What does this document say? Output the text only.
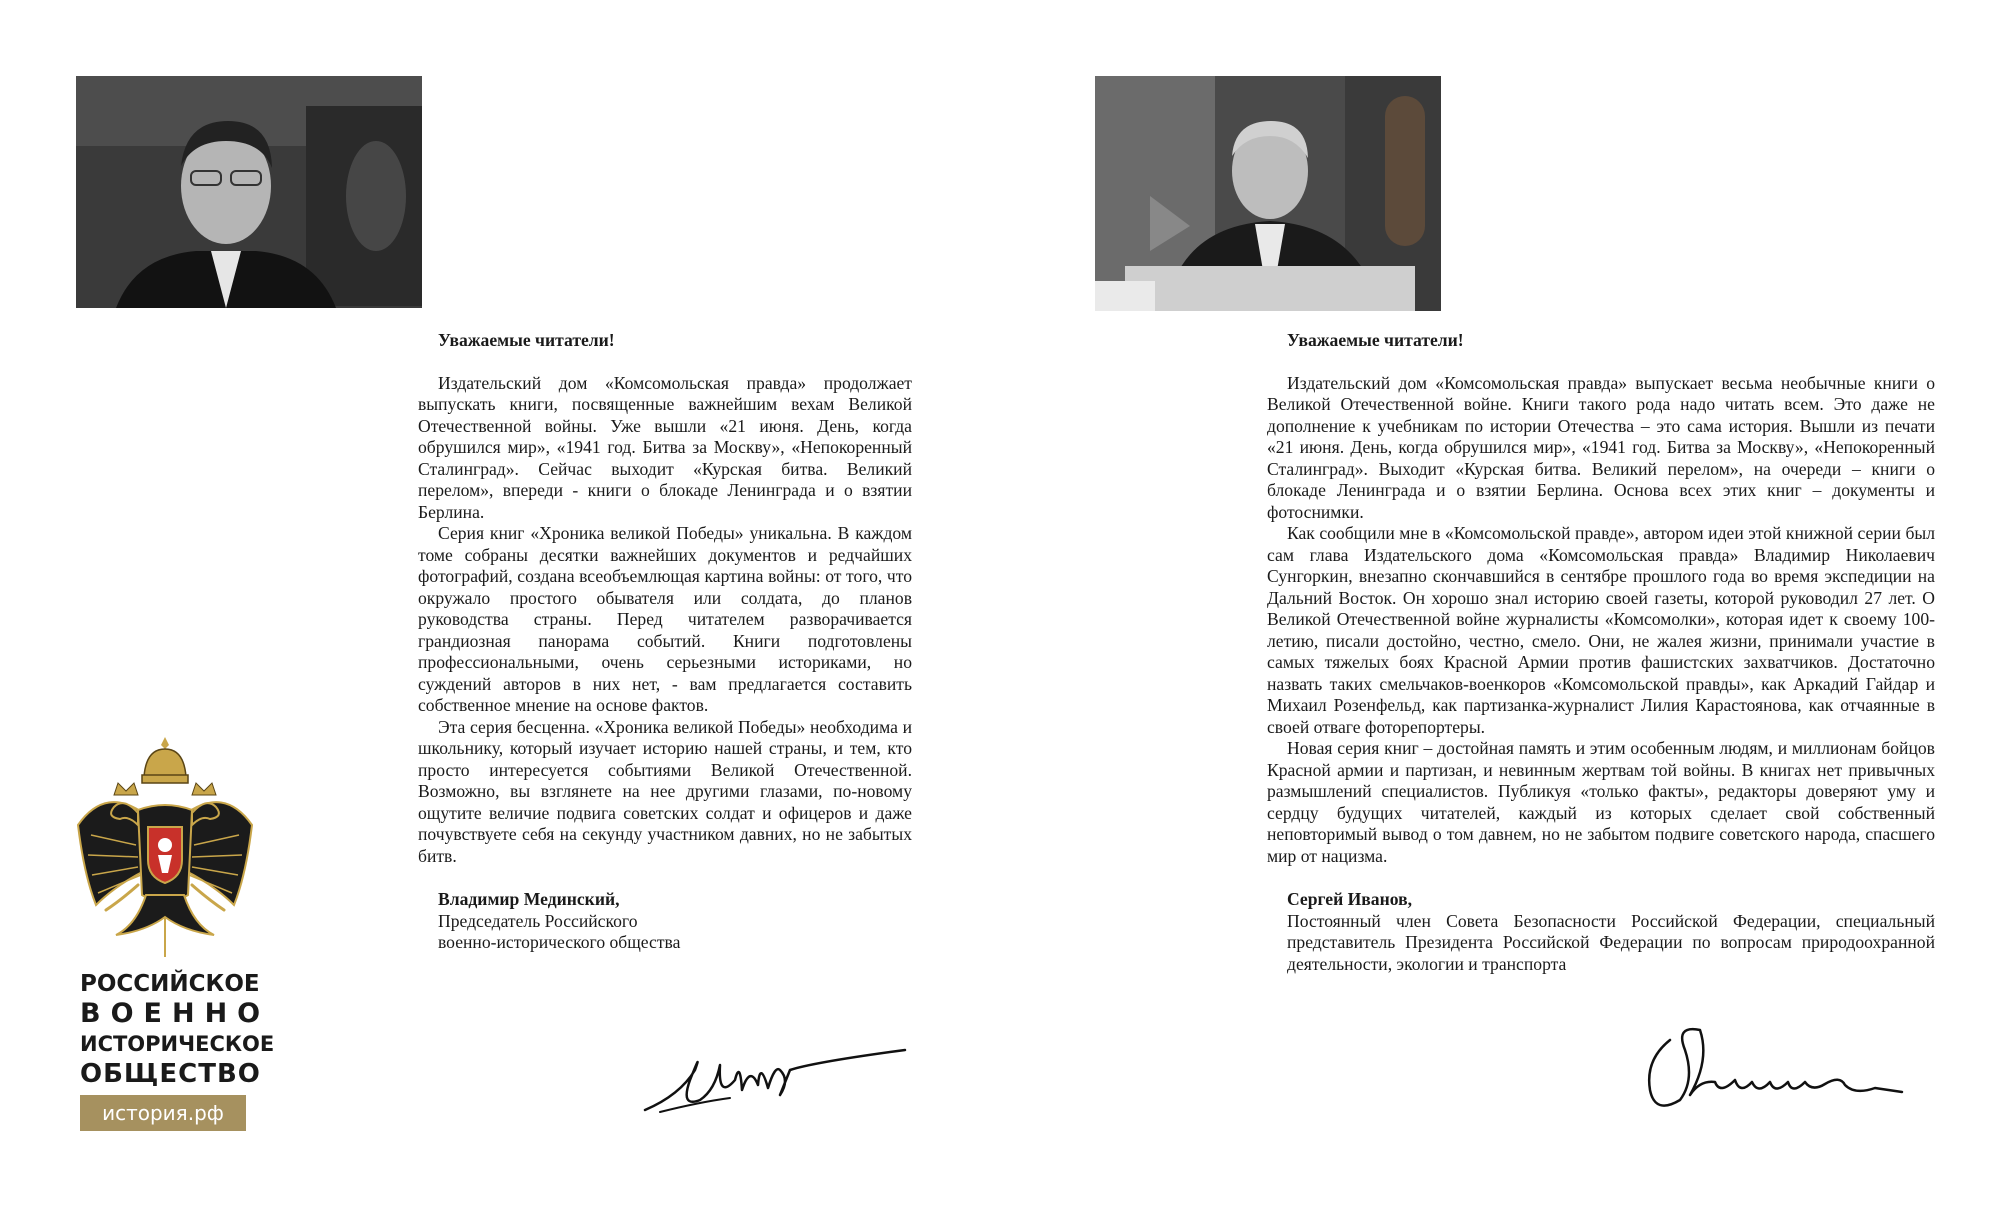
Уважаемые читатели!

Издательский дом «Комсомольская правда» продолжает выпускать книги, посвященные важнейшим вехам Великой Отечественной войны. Уже вышли «21 июня. День, когда обрушился мир», «1941 год. Битва за Москву», «Непокоренный Сталинград». Сейчас выходит «Курская битва. Великий перелом», впереди - книги о блокаде Ленинграда и о взятии Берлина.

Серия книг «Хроника великой Победы» уникальна. В каждом томе собраны десятки важнейших документов и редчайших фотографий, создана всеобъемлющая картина войны: от того, что окружало простого обывателя или солдата, до планов руководства страны. Перед читателем разворачивается грандиозная панорама событий. Книги подготовлены профессиональными, очень серьезными историками, но суждений авторов в них нет, - вам предлагается составить собственное мнение на основе фактов.

Эта серия бесценна. «Хроника великой Победы» необходима и школьнику, который изучает историю нашей страны, и тем, кто просто интересуется событиями Великой Отечественной. Возможно, вы взглянете на нее другими глазами, по-новому ощутите величие подвига советских солдат и офицеров и даже почувствуете себя на секунду участником давних, но не забытых битв.

Владимир Мединский,
Председатель Российского
военно-исторического общества
Уважаемые читатели!

Издательский дом «Комсомольская правда» выпускает весьма необычные книги о Великой Отечественной войне. Книги такого рода надо читать всем. Это даже не дополнение к учебникам по истории Отечества – это сама история. Вышли из печати «21 июня. День, когда обрушился мир», «1941 год. Битва за Москву», «Непокоренный Сталинград». Выходит «Курская битва. Великий перелом», на очереди – книги о блокаде Ленинграда и о взятии Берлина. Основа всех этих книг – документы и фотоснимки.

Как сообщили мне в «Комсомольской правде», автором идеи этой книжной серии был сам глава Издательского дома «Комсомольская правда» Владимир Николаевич Сунгоркин, внезапно скончавшийся в сентябре прошлого года во время экспедиции на Дальний Восток. Он хорошо знал историю своей газеты, которой руководил 27 лет. О Великой Отечественной войне журналисты «Комсомолки», которая идет к своему 100-летию, писали достойно, честно, смело. Они, не жалея жизни, принимали участие в самых тяжелых боях Красной Армии против фашистских захватчиков. Достаточно назвать таких смельчаков-военкоров «Комсомольской правды», как Аркадий Гайдар и Михаил Розенфельд, как партизанка-журналист Лилия Карастоянова, как отчаянные в своей отваге фоторепортеры.

Новая серия книг – достойная память и этим особенным людям, и миллионам бойцов Красной армии и партизан, и невинным жертвам той войны. В книгах нет привычных размышлений специалистов. Публикуя «только факты», редакторы доверяют уму и сердцу будущих читателей, каждый из которых сделает свой собственный неповторимый вывод о том давнем, но не забытом подвиге советского народа, спасшего мир от нацизма.

Сергей Иванов,
Постоянный член Совета Безопасности Российской Федерации, специальный представитель Президента Российской Федерации по вопросам природоохранной деятельности, экологии и транспорта
РОССИЙСКОЕ
ВОЕННО
ИСТОРИЧЕСКОЕ
ОБЩЕСТВО
история.рф
